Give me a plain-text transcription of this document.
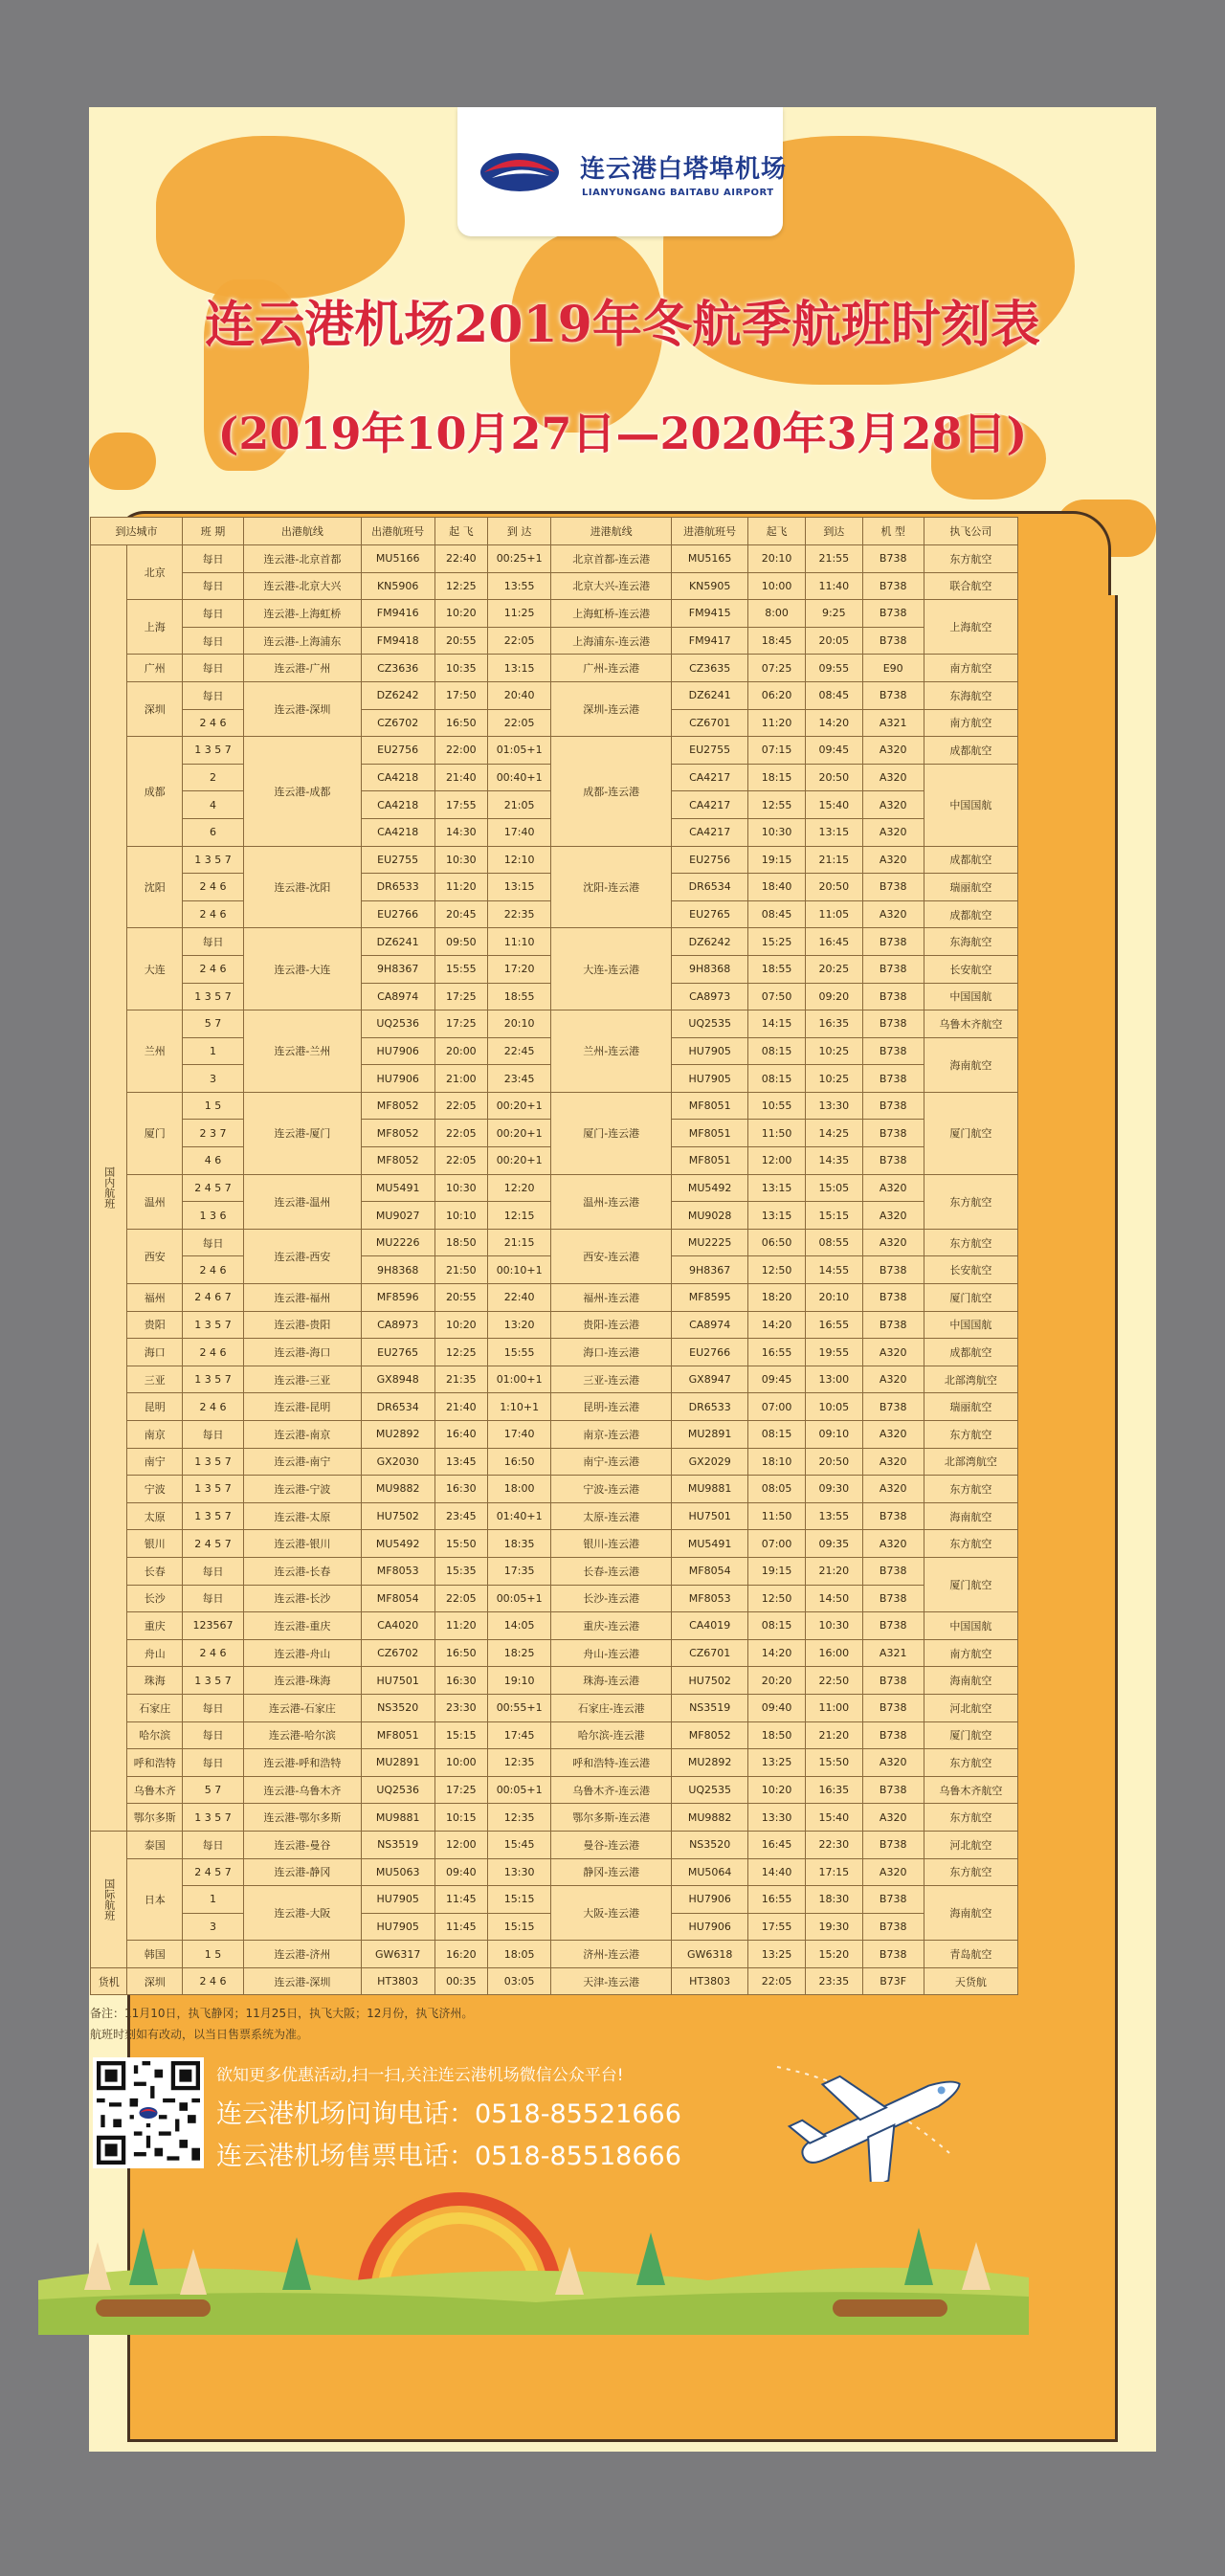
连云港白塔埠机场
LIANYUNGANG BAITABU AIRPORT
连云港机场2019年冬航季航班时刻表
(2019年10月27日—2020年3月28日)
到达城市		班 期	出港航线	出港航班号	起 飞	到 达	进港航线	进港航班号	起飞	到达	机 型	执飞公司
国内航班	北京	每日	连云港-北京首都	MU5166	22:40	00:25+1	北京首都-连云港	MU5165	20:10	21:55	B738	东方航空
		每日	连云港-北京大兴	KN5906	12:25	13:55	北京大兴-连云港	KN5905	10:00	11:40	B738	联合航空
	上海	每日	连云港-上海虹桥	FM9416	10:20	11:25	上海虹桥-连云港	FM9415	8:00	9:25	B738	上海航空
		每日	连云港-上海浦东	FM9418	20:55	22:05	上海浦东-连云港	FM9417	18:45	20:05	B738	
	广州	每日	连云港-广州	CZ3636	10:35	13:15	广州-连云港	CZ3635	07:25	09:55	E90	南方航空
	深圳	每日	连云港-深圳	DZ6242	17:50	20:40	深圳-连云港	DZ6241	06:20	08:45	B738	东海航空
		2 4 6		CZ6702	16:50	22:05		CZ6701	11:20	14:20	A321	南方航空
	成都	1 3 5 7	连云港-成都	EU2756	22:00	01:05+1	成都-连云港	EU2755	07:15	09:45	A320	成都航空
		2		CA4218	21:40	00:40+1		CA4217	18:15	20:50	A320	中国国航
		4		CA4218	17:55	21:05		CA4217	12:55	15:40	A320	
		6		CA4218	14:30	17:40		CA4217	10:30	13:15	A320	
	沈阳	1 3 5 7	连云港-沈阳	EU2755	10:30	12:10	沈阳-连云港	EU2756	19:15	21:15	A320	成都航空
		2 4 6		DR6533	11:20	13:15		DR6534	18:40	20:50	B738	瑞丽航空
		2 4 6		EU2766	20:45	22:35		EU2765	08:45	11:05	A320	成都航空
	大连	每日	连云港-大连	DZ6241	09:50	11:10	大连-连云港	DZ6242	15:25	16:45	B738	东海航空
		2 4 6		9H8367	15:55	17:20		9H8368	18:55	20:25	B738	长安航空
		1 3 5 7		CA8974	17:25	18:55		CA8973	07:50	09:20	B738	中国国航
	兰州	5 7	连云港-兰州	UQ2536	17:25	20:10	兰州-连云港	UQ2535	14:15	16:35	B738	乌鲁木齐航空
		1		HU7906	20:00	22:45		HU7905	08:15	10:25	B738	海南航空
		3		HU7906	21:00	23:45		HU7905	08:15	10:25	B738	
	厦门	1 5	连云港-厦门	MF8052	22:05	00:20+1	厦门-连云港	MF8051	10:55	13:30	B738	厦门航空
		2 3 7		MF8052	22:05	00:20+1		MF8051	11:50	14:25	B738	
		4 6		MF8052	22:05	00:20+1		MF8051	12:00	14:35	B738	
	温州	2 4 5 7	连云港-温州	MU5491	10:30	12:20	温州-连云港	MU5492	13:15	15:05	A320	东方航空
		1 3 6		MU9027	10:10	12:15		MU9028	13:15	15:15	A320	
	西安	每日	连云港-西安	MU2226	18:50	21:15	西安-连云港	MU2225	06:50	08:55	A320	东方航空
		2 4 6		9H8368	21:50	00:10+1		9H8367	12:50	14:55	B738	长安航空
	福州	2 4 6 7	连云港-福州	MF8596	20:55	22:40	福州-连云港	MF8595	18:20	20:10	B738	厦门航空
	贵阳	1 3 5 7	连云港-贵阳	CA8973	10:20	13:20	贵阳-连云港	CA8974	14:20	16:55	B738	中国国航
	海口	2 4 6	连云港-海口	EU2765	12:25	15:55	海口-连云港	EU2766	16:55	19:55	A320	成都航空
	三亚	1 3 5 7	连云港-三亚	GX8948	21:35	01:00+1	三亚-连云港	GX8947	09:45	13:00	A320	北部湾航空
	昆明	2 4 6	连云港-昆明	DR6534	21:40	1:10+1	昆明-连云港	DR6533	07:00	10:05	B738	瑞丽航空
	南京	每日	连云港-南京	MU2892	16:40	17:40	南京-连云港	MU2891	08:15	09:10	A320	东方航空
	南宁	1 3 5 7	连云港-南宁	GX2030	13:45	16:50	南宁-连云港	GX2029	18:10	20:50	A320	北部湾航空
	宁波	1 3 5 7	连云港-宁波	MU9882	16:30	18:00	宁波-连云港	MU9881	08:05	09:30	A320	东方航空
	太原	1 3 5 7	连云港-太原	HU7502	23:45	01:40+1	太原-连云港	HU7501	11:50	13:55	B738	海南航空
	银川	2 4 5 7	连云港-银川	MU5492	15:50	18:35	银川-连云港	MU5491	07:00	09:35	A320	东方航空
	长春	每日	连云港-长春	MF8053	15:35	17:35	长春-连云港	MF8054	19:15	21:20	B738	厦门航空
	长沙	每日	连云港-长沙	MF8054	22:05	00:05+1	长沙-连云港	MF8053	12:50	14:50	B738	
	重庆	123567	连云港-重庆	CA4020	11:20	14:05	重庆-连云港	CA4019	08:15	10:30	B738	中国国航
	舟山	2 4 6	连云港-舟山	CZ6702	16:50	18:25	舟山-连云港	CZ6701	14:20	16:00	A321	南方航空
	珠海	1 3 5 7	连云港-珠海	HU7501	16:30	19:10	珠海-连云港	HU7502	20:20	22:50	B738	海南航空
	石家庄	每日	连云港-石家庄	NS3520	23:30	00:55+1	石家庄-连云港	NS3519	09:40	11:00	B738	河北航空
	哈尔滨	每日	连云港-哈尔滨	MF8051	15:15	17:45	哈尔滨-连云港	MF8052	18:50	21:20	B738	厦门航空
	呼和浩特	每日	连云港-呼和浩特	MU2891	10:00	12:35	呼和浩特-连云港	MU2892	13:25	15:50	A320	东方航空
	乌鲁木齐	5 7	连云港-乌鲁木齐	UQ2536	17:25	00:05+1	乌鲁木齐-连云港	UQ2535	10:20	16:35	B738	乌鲁木齐航空
	鄂尔多斯	1 3 5 7	连云港-鄂尔多斯	MU9881	10:15	12:35	鄂尔多斯-连云港	MU9882	13:30	15:40	A320	东方航空
国际航班	泰国	每日	连云港-曼谷	NS3519	12:00	15:45	曼谷-连云港	NS3520	16:45	22:30	B738	河北航空
	日本	2 4 5 7	连云港-静冈	MU5063	09:40	13:30	静冈-连云港	MU5064	14:40	17:15	A320	东方航空
		1	连云港-大阪	HU7905	11:45	15:15	大阪-连云港	HU7906	16:55	18:30	B738	海南航空
		3		HU7905	11:45	15:15		HU7906	17:55	19:30	B738	
	韩国	1 5	连云港-济州	GW6317	16:20	18:05	济州-连云港	GW6318	13:25	15:20	B738	青岛航空
货机	深圳	2 4 6	连云港-深圳	HT3803	00:35	03:05	天津-连云港	HT3803	22:05	23:35	B73F	天货航
备注：11月10日，执飞静冈；11月25日，执飞大阪；12月份，执飞济州。
航班时刻如有改动，以当日售票系统为准。
欲知更多优惠活动,扫一扫,关注连云港机场微信公众平台!
连云港机场问询电话：0518-85521666
连云港机场售票电话：0518-85518666
